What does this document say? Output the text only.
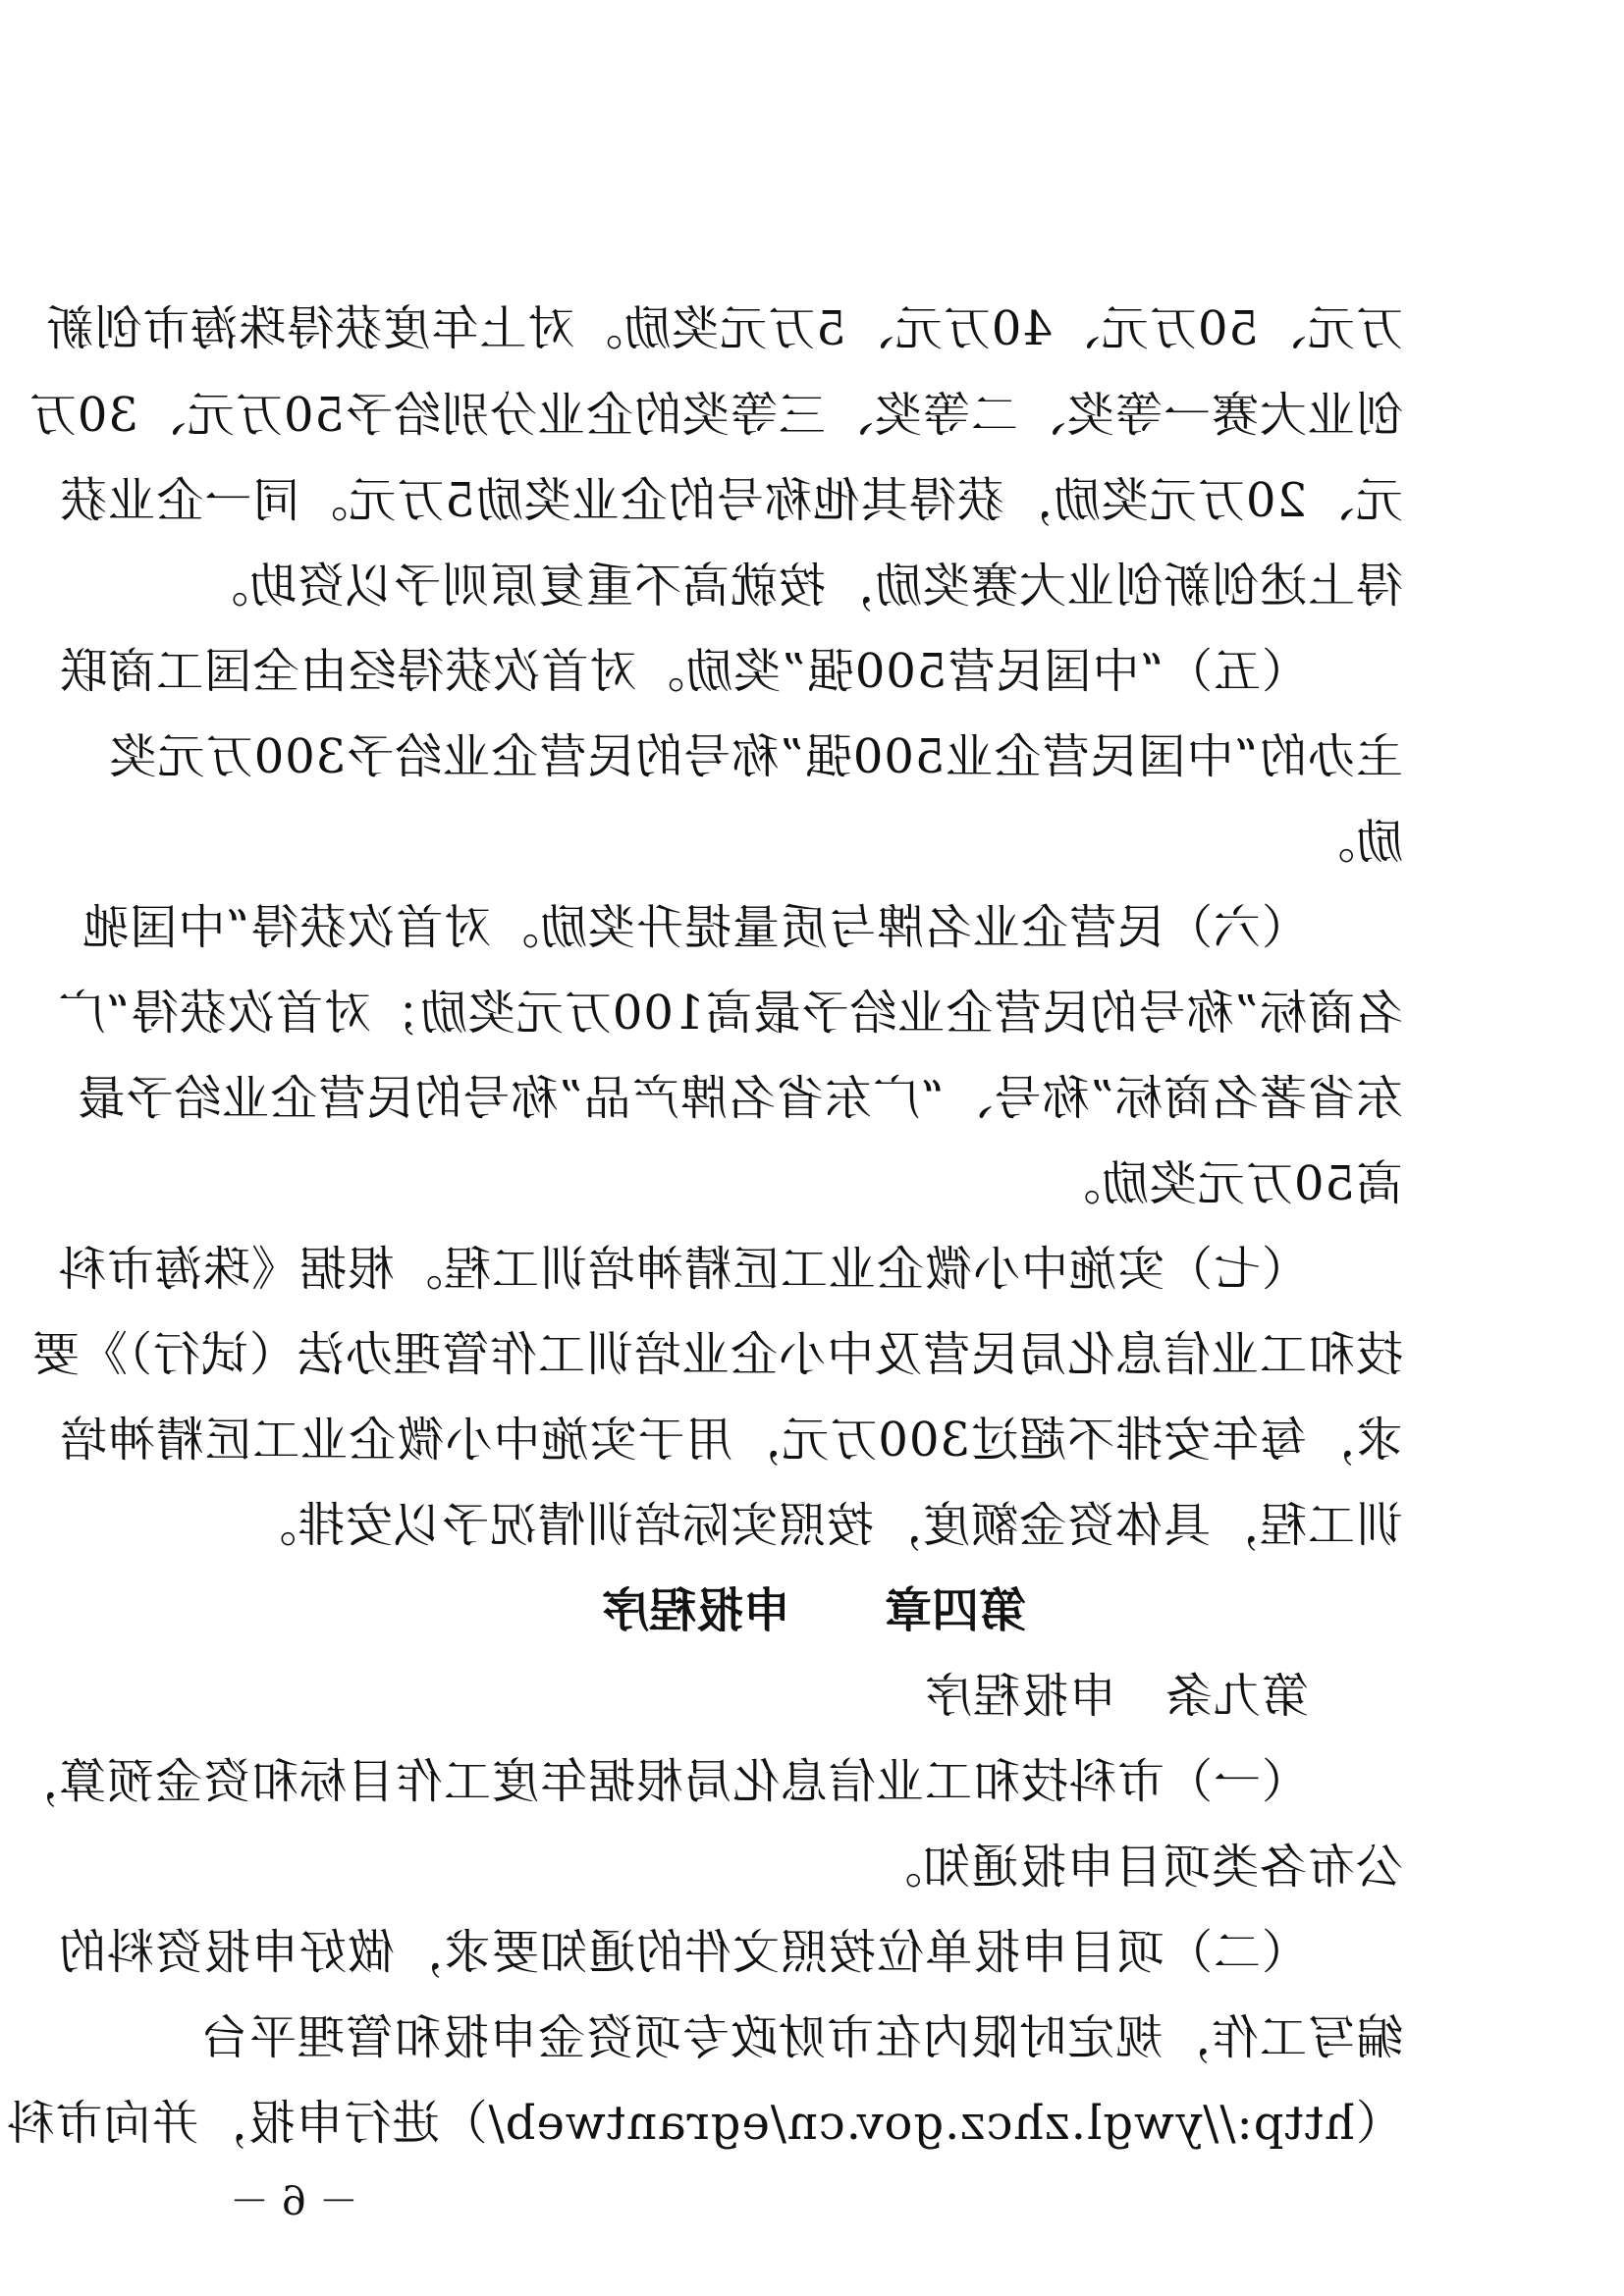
万元、50万元、40万元、5万元奖励。对上年度获得珠海市创新
创业大赛一等奖、二等奖、三等奖的企业分别给予50万元、30万
元、20万元奖励，获得其他称号的企业奖励5万元。同一企业获
得上述创新创业大赛奖励，按就高不重复原则予以资助。
（五）“中国民营500强”奖励。对首次获得经由全国工商联
主办的“中国民营企业500强”称号的民营企业给予300万元奖
励。
（六）民营企业名牌与质量提升奖励。对首次获得“中国驰
名商标”称号的民营企业给予最高100万元奖励；对首次获得“广
东省著名商标”称号、“广东省名牌产品”称号的民营企业给予最
高50万元奖励。
（七）实施中小微企业工匠精神培训工程。根据《珠海市科
技和工业信息化局民营及中小企业培训工作管理办法（试行）》要
求，每年安排不超过300万元，用于实施中小微企业工匠精神培
训工程，具体资金额度，按照实际培训情况予以安排。
第四章　　申报程序
第九条　申报程序
（一）市科技和工业信息化局根据年度工作目标和资金预算，
公布各类项目申报通知。
（二）项目申报单位按照文件的通知要求，做好申报资料的
编写工作，规定时限内在市财政专项资金申报和管理平台
（http://ywgl.zhcz.gov.cn/egrantweb/）进行申报，并向市科
－ 6 －
